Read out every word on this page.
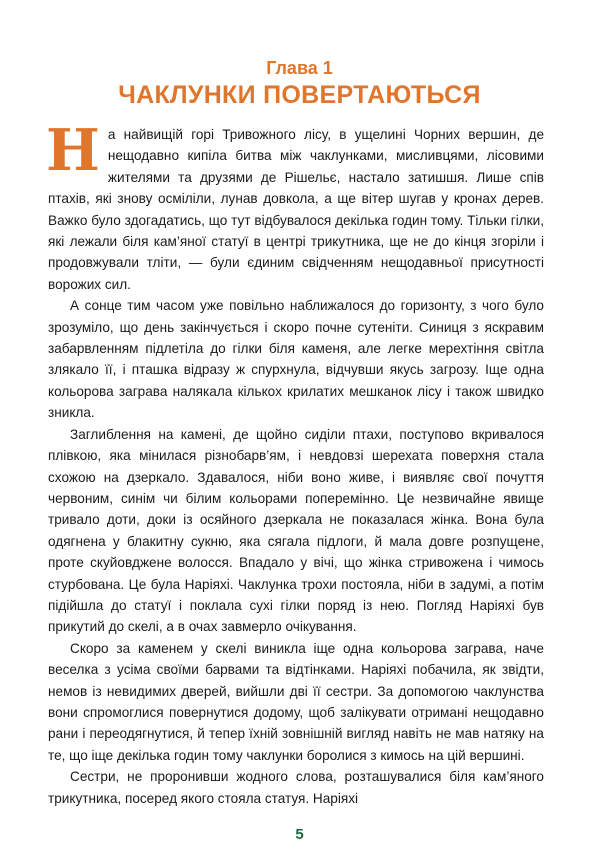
Глава 1
ЧАКЛУНКИ ПОВЕРТАЮТЬСЯ

На найвищій горі Тривожного лісу, в ущелині Чорних вершин, де нещодавно кипіла битва між чаклунками, мисливцями, лісовими жителями та друзями де Рішельє, настало затишшя. Лише спів птахів, які знову осміліли, лунав довкола, а ще вітер шугав у кронах дерев. Важко було здогадатись, що тут відбувалося декілька годин тому. Тільки гілки, які лежали біля кам’яної статуї в центрі трикутника, ще не до кінця згоріли і продовжували тліти, — були єдиним свідченням нещодавньої присутності ворожих сил.

А сонце тим часом уже повільно наближалося до горизонту, з чого було зрозуміло, що день закінчується і скоро почне сутеніти. Синиця з яскравим забарвленням підлетіла до гілки біля каменя, але легке мерехтіння світла злякало її, і пташка відразу ж спурхнула, відчувши якусь загрозу. Іще одна кольорова заграва налякала кількох крилатих мешканок лісу і також швидко зникла.

Заглиблення на камені, де щойно сиділи птахи, поступово вкривалося плівкою, яка мінилася різнобарв’ям, і невдовзі шерехата поверхня стала схожою на дзеркало. Здавалося, ніби воно живе, і виявляє свої почуття червоним, синім чи білим кольорами поперемінно. Це незвичайне явище тривало доти, доки із осяйного дзеркала не показалася жінка. Вона була одягнена у блакитну сукню, яка сягала підлоги, й мала довге розпущене, проте скуйовджене волосся. Впадало у вічі, що жінка стривожена і чимось стурбована. Це була Наріяхі. Чаклунка трохи постояла, ніби в задумі, а потім підійшла до статуї і поклала сухі гілки поряд із нею. Погляд Наріяхі був прикутий до скелі, а в очах завмерло очікування.

Скоро за каменем у скелі виникла іще одна кольорова заграва, наче веселка з усіма своїми барвами та відтінками. Наріяхі побачила, як звідти, немов із невидимих дверей, вийшли дві її сестри. За допомогою чаклунства вони спромоглися повернутися додому, щоб залікувати отримані нещодавно рани і переодягнутися, й тепер їхній зовнішній вигляд навіть не мав натяку на те, що іще декілька годин тому чаклунки боролися з кимось на цій вершині.

Сестри, не проронивши жодного слова, розташувалися біля кам’яного трикутника, посеред якого стояла статуя. Наріяхі

5
